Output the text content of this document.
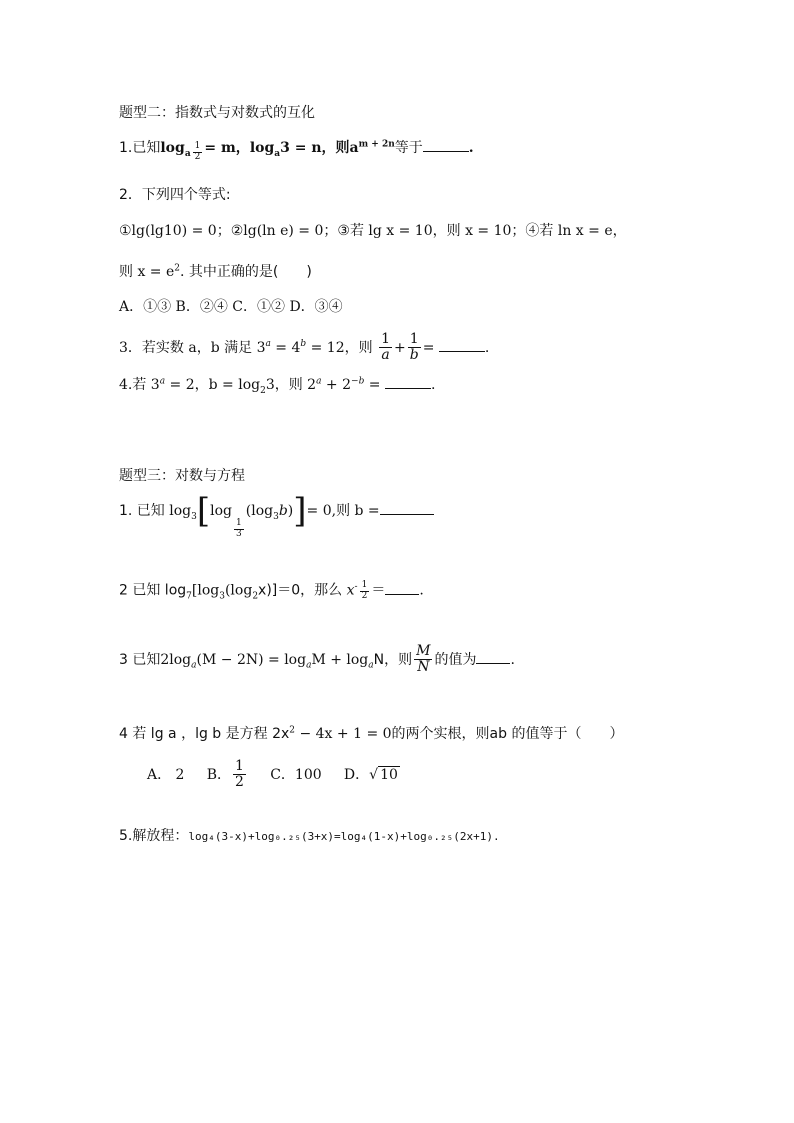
题型二：指数式与对数式的互化
1.已知$\log_a \frac{1}{2} = m$，$\log_a3 = n$，则$a^{m + 2n}$等于	.
2．下列四个等式:
①lg(lg10) = 0；②lg(ln e) = 0；③若 lg x = 10，则 x = 10；④若 ln x = e，
则 $x = e^2$. 其中正确的是(　　)
A．①③ B．②④ C．①② D．③④
3．若实数 a，b 满足 $3^a = 4^b = 12$，则 $\frac{1}{a} + \frac{1}{b}$ =	.
4.若 $3^a = 2$，$b = \log_23$，则 $2^a + 2^{-b}$ =	.
题型三：对数与方程
1. 已知 $\log_3[\log$
$_{\frac{1}{3}}$
$(\log_3b)]= 0$,则 b =
2 已知 $\log_7[\log_3(\log_2x)]=0$，那么 $x^{- \frac{1}{2}}$ ＝ .
3 已知$2\log_a(M - 2N) = \log_aM + \log_aN$，则 $\frac{M}{N}$ 的值为 .
4 若 lg a ，lg b 是方程 $2x^2 - 4x + 1 = 0$的两个实根，则ab 的值等于（　　）
A． 2 B． $\frac{1}{2}$ C．100 D．√ 10
5.解放程：log₄(3-x)+log₀.₂₅(3+x)=log₄(1-x)+log₀.₂₅(2x+1).
